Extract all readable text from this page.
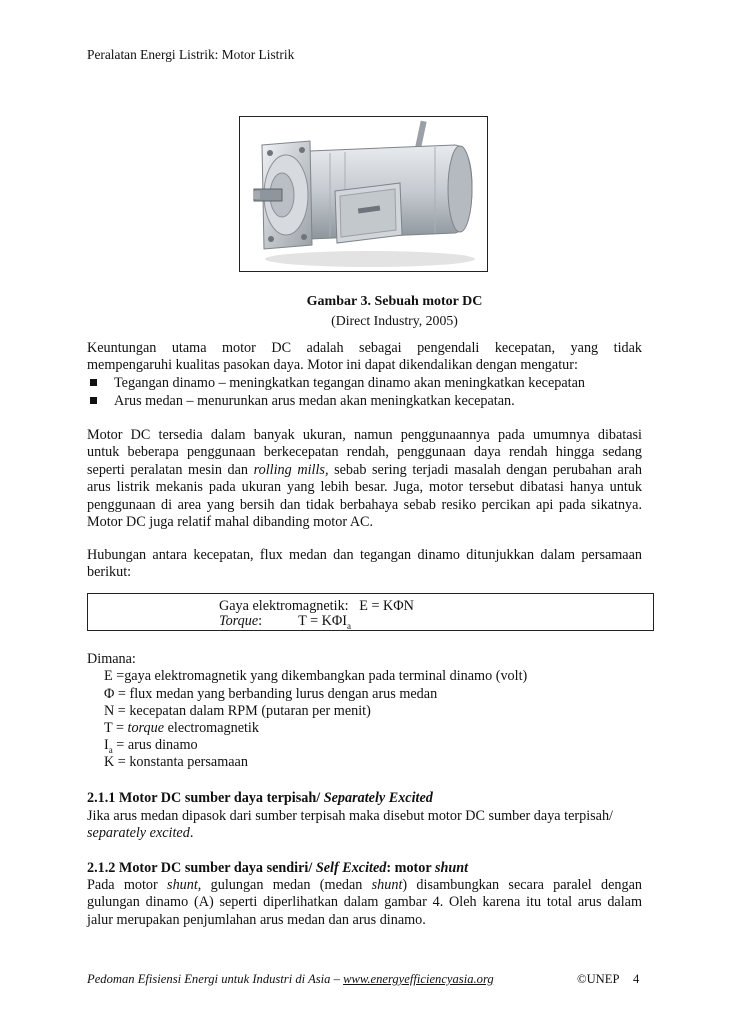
Peralatan Energi Listrik: Motor Listrik
Gambar 3. Sebuah motor DC
(Direct Industry, 2005)
Keuntungan utama motor DC adalah sebagai pengendali kecepatan, yang tidak
mempengaruhi kualitas pasokan daya. Motor ini dapat dikendalikan dengan mengatur:
Tegangan dinamo – meningkatkan tegangan dinamo akan meningkatkan kecepatan
Arus medan – menurunkan arus medan akan meningkatkan kecepatan.
Motor DC tersedia dalam banyak ukuran, namun penggunaannya pada umumnya dibatasi
untuk beberapa penggunaan berkecepatan rendah, penggunaan daya rendah hingga sedang
seperti peralatan mesin dan rolling mills, sebab sering terjadi masalah dengan perubahan arah
arus listrik mekanis pada ukuran yang lebih besar. Juga, motor tersebut dibatasi hanya untuk
penggunaan di area yang bersih dan tidak berbahaya sebab resiko percikan api pada sikatnya.
Motor DC juga relatif mahal dibanding motor AC.
Hubungan antara kecepatan, flux medan dan tegangan dinamo ditunjukkan dalam persamaan
berikut:
Gaya elektromagnetik: E = KΦN
Torque:	$T = K\Phi I_a$
Dimana:
E =gaya elektromagnetik yang dikembangkan pada terminal dinamo (volt)
Φ = flux medan yang berbanding lurus dengan arus medan
N = kecepatan dalam RPM (putaran per menit)
T = torque electromagnetik
$I_a$ = arus dinamo
K = konstanta persamaan
2.1.1 Motor DC sumber daya terpisah/ Separately Excited
Jika arus medan dipasok dari sumber terpisah maka disebut motor DC sumber daya terpisah/
separately excited.
2.1.2 Motor DC sumber daya sendiri/ Self Excited: motor shunt
Pada motor shunt, gulungan medan (medan shunt) disambungkan secara paralel dengan
gulungan dinamo (A) seperti diperlihatkan dalam gambar 4. Oleh karena itu total arus dalam
jalur merupakan penjumlahan arus medan dan arus dinamo.
Pedoman Efisiensi Energi untuk Industri di Asia – www.energyefficiencyasia.org	©UNEP 4
